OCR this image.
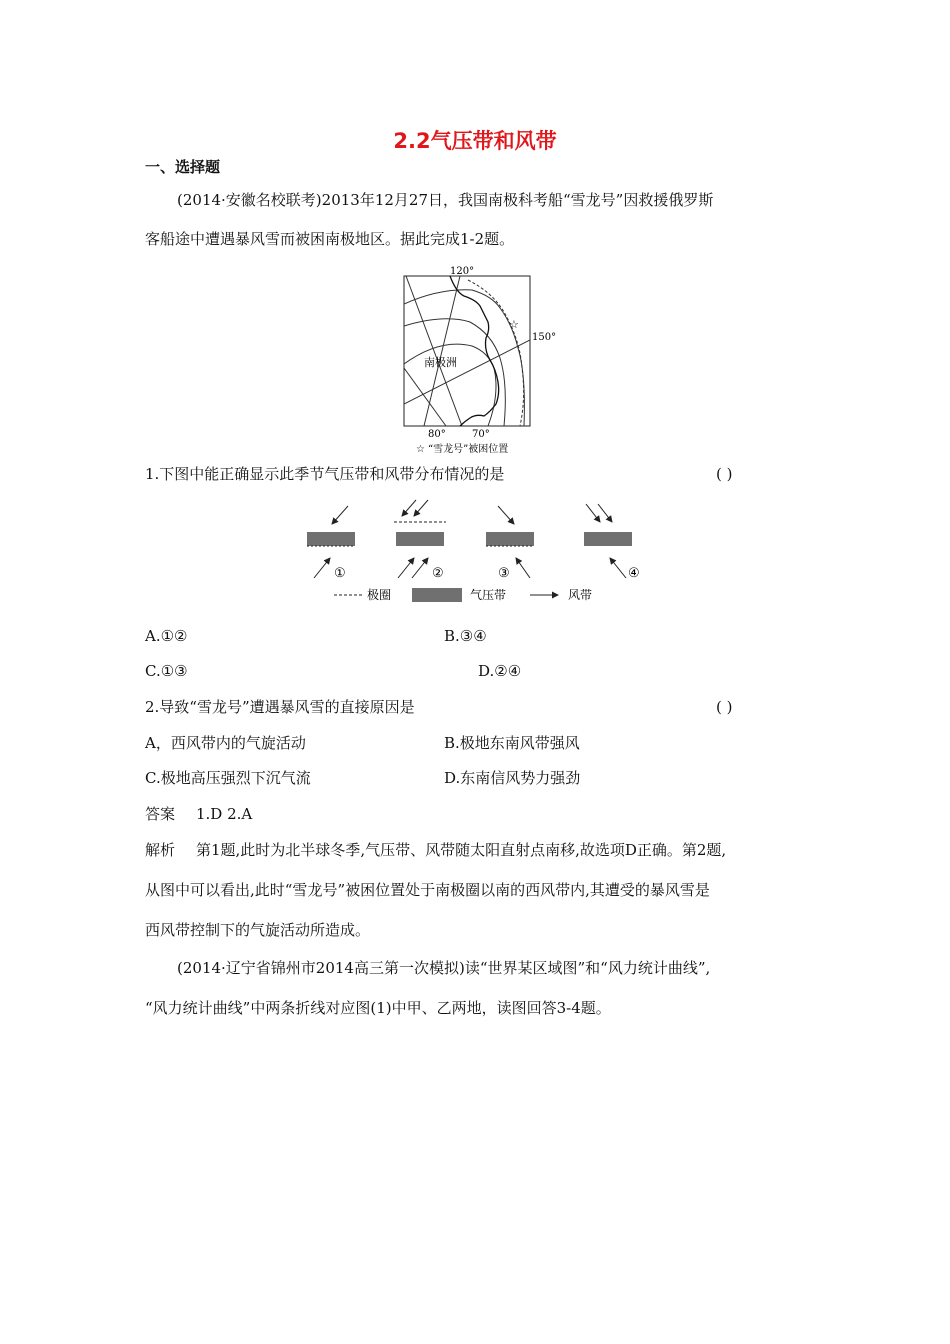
2.2气压带和风带
一、选择题
(2014·安徽名校联考)2013年12月27日，我国南极科考船“雪龙号”因救援俄罗斯
客船途中遭遇暴风雪而被困南极地区。据此完成1-2题。
☆
120°
150°
南极洲
80°	70°
☆ “雪龙号”被困位置
1.下图中能正确显示此季节气压带和风带分布情况的是	( )
①	②	③	④
极圈	气压带	风带
A.①②	B.③④
C.①③	D.②④
2.导致“雪龙号”遭遇暴风雪的直接原因是	( )
A，西风带内的气旋活动	B.极地东南风带强风
C.极地高压强烈下沉气流	D.东南信风势力强劲
答案 1.D 2.A
解析 第1题,此时为北半球冬季,气压带、风带随太阳直射点南移,故选项D正确。第2题,
从图中可以看出,此时“雪龙号”被困位置处于南极圈以南的西风带内,其遭受的暴风雪是
西风带控制下的气旋活动所造成。
(2014·辽宁省锦州市2014高三第一次模拟)读“世界某区域图”和“风力统计曲线”,
“风力统计曲线”中两条折线对应图(1)中甲、乙两地，读图回答3-4题。
